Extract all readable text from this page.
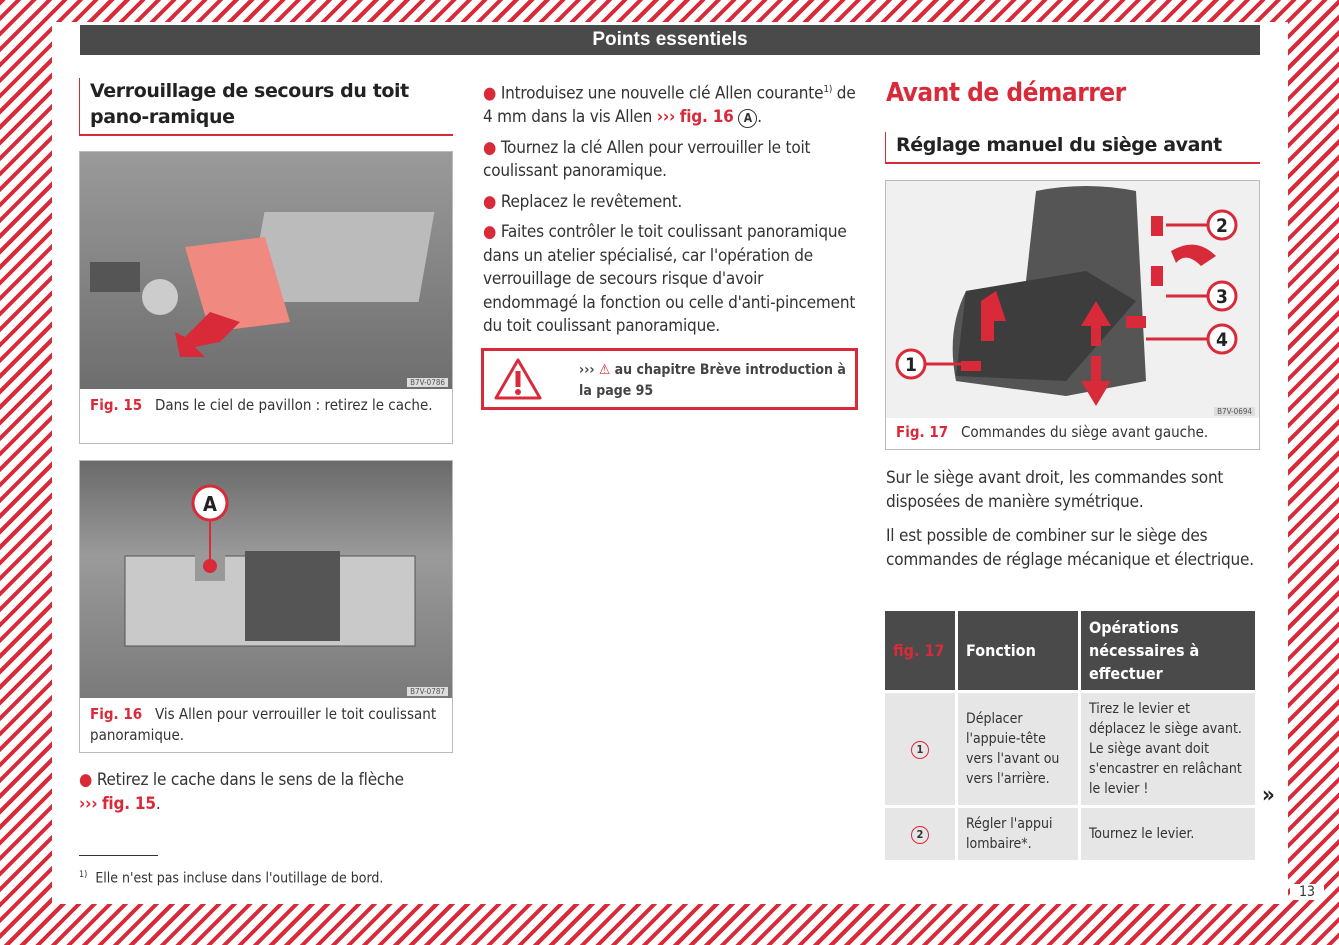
Points essentiels
Verrouillage de secours du toit pano-ramique
B7V-0786
Fig. 15 Dans le ciel de pavillon : retirez le cache.
A
B7V-0787
Fig. 16 Vis Allen pour verrouiller le toit coulissant panoramique.
● Retirez le cache dans le sens de la flèche
››› fig. 15.

● Introduisez une nouvelle clé Allen courante$^{1)}$ de 4 mm dans la vis Allen ››› fig. 16 A .

● Tournez la clé Allen pour verrouiller le toit coulissant panoramique.

● Replacez le revêtement.

● Faites contrôler le toit coulissant panoramique dans un atelier spécialisé, car l'opération de verrouillage de secours risque d'avoir endommagé la fonction ou celle d'anti-pincement du toit coulissant panoramique.

››› ⚠ au chapitre Brève introduction à la page 95
Avant de démarrer
Réglage manuel du siège avant
1
2
3
4
B7V-0694
Fig. 17 Commandes du siège avant gauche.

Sur le siège avant droit, les commandes sont disposées de manière symétrique.

Il est possible de combiner sur le siège des commandes de réglage mécanique et électrique.

fig. 17	Fonction	Opérations nécessaires à effectuer
1	Déplacer l'appuie-tête vers l'avant ou vers l'arrière.	Tirez le levier et déplacez le siège avant. Le siège avant doit s'encastrer en relâchant le levier !
2	Régler l'appui lombaire*.	Tournez le levier.
»
$^{1)}$ Elle n'est pas incluse dans l'outillage de bord.
13
